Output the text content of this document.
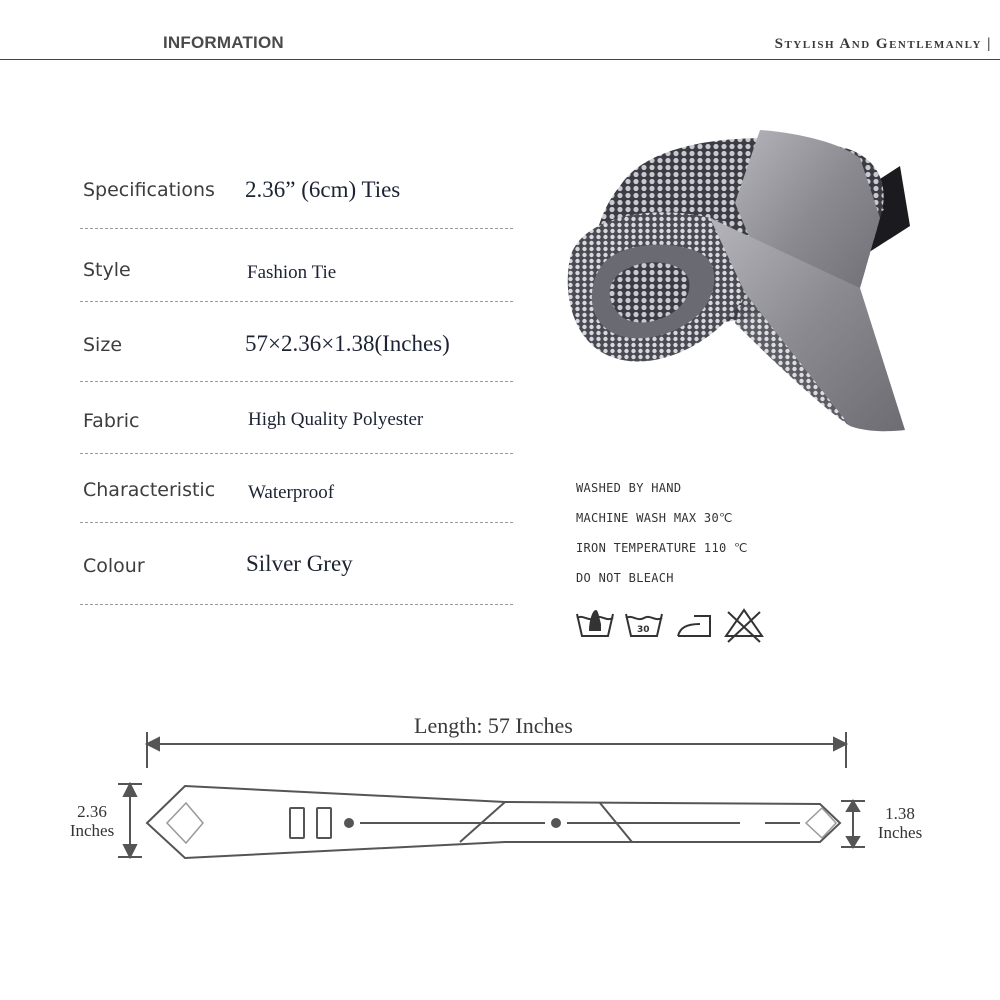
INFORMATION	Stylish And Gentlemanly |
Specifications 2.36” (6cm) Ties
Style	Fashion Tie
Size	57×2.36×1.38(Inches)
Fabric	High Quality Polyester
Characteristic Waterproof
Colour	Silver Grey
WASHED BY HAND
MACHINE WASH MAX 30℃
IRON TEMPERATURE 110 ℃
DO NOT BLEACH
30
Length: 57 Inches
2.36
Inches
1.38
Inches
